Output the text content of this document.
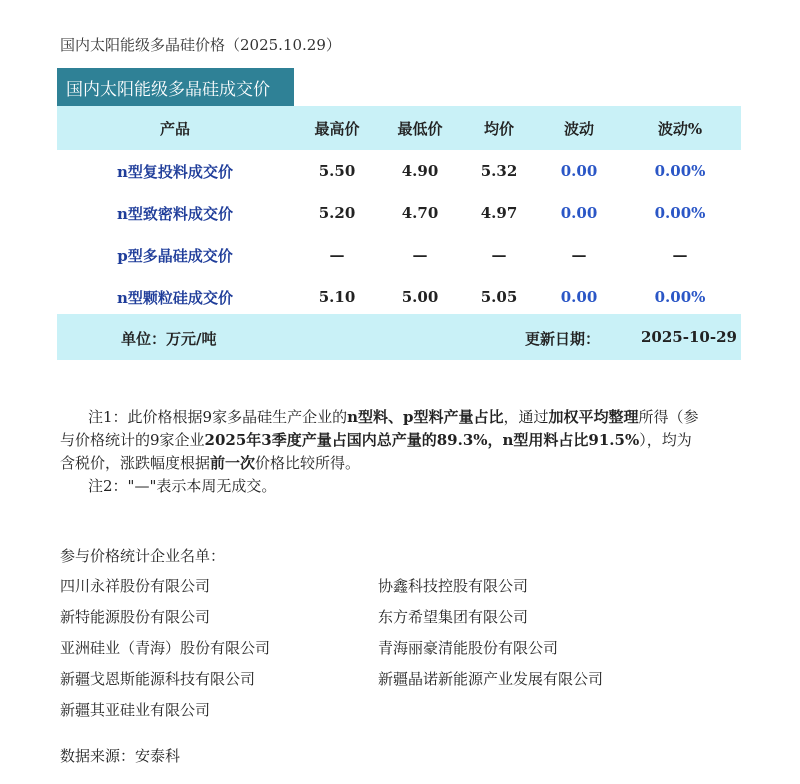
国内太阳能级多晶硅价格（2025.10.29）
国内太阳能级多晶硅成交价
产品	最高价	最低价	均价	波动	波动%
n型复投料成交价	5.50	4.90	5.32	0.00	0.00%
n型致密料成交价	5.20	4.70	4.97	0.00	0.00%
p型多晶硅成交价	—	—	—	—	—
n型颗粒硅成交价	5.10	5.00	5.05	0.00	0.00%
单位：万元/吨	更新日期：	2025-10-29

注1：此价格根据9家多晶硅生产企业的n型料、p型料产量占比，通过加权平均整理所得（参与价格统计的9家企业2025年3季度产量占国内总产量的89.3%，n型用料占比91.5%），均为含税价，涨跌幅度根据前一次价格比较所得。

注2："—"表示本周无成交。

参与价格统计企业名单：
四川永祥股份有限公司
新特能源股份有限公司
亚洲硅业（青海）股份有限公司
新疆戈恩斯能源科技有限公司
新疆其亚硅业有限公司
协鑫科技控股有限公司
东方希望集团有限公司
青海丽豪清能股份有限公司
新疆晶诺新能源产业发展有限公司
数据来源：安泰科
